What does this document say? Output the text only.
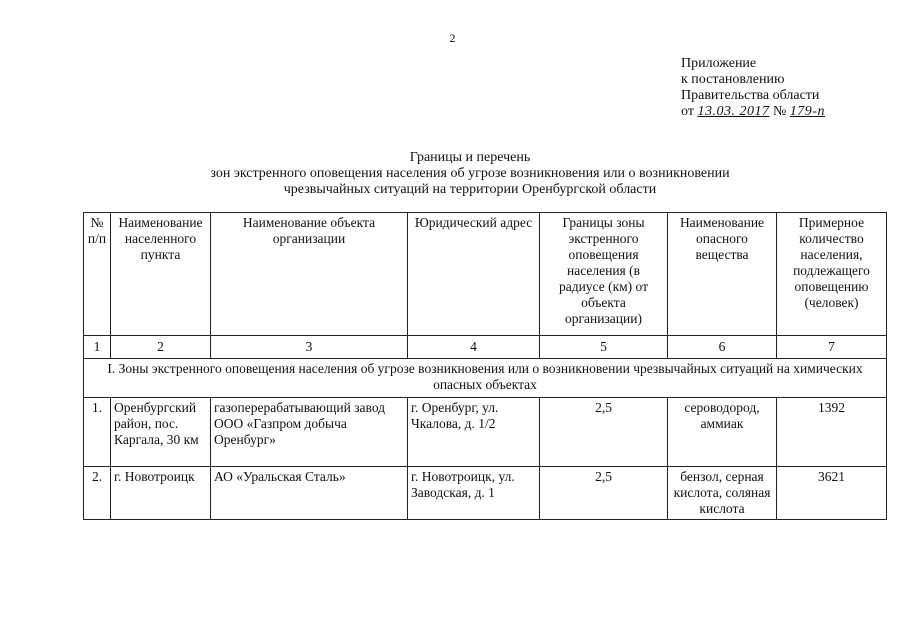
2
Приложение
к постановлению
Правительства области
от 13.03. 2017 № 179-п
Границы и перечень
зон экстренного оповещения населения об угрозе возникновения или о возникновении
чрезвычайных ситуаций на территории Оренбургской области
№ п/п	Наименование населенного пункта	Наименование объекта организации	Юридический адрес	Границы зоны экстренного оповещения населения (в радиусе (км) от объекта организации)	Наименование опасного вещества	Примерное количество населения, подлежащего оповещению (человек)
1	2	3	4	5	6	7
I. Зоны экстренного оповещения населения об угрозе возникновения или о возникновении чрезвычайных ситуаций на химических опасных объектах						
1.	Оренбургский район, пос. Каргала, 30 км	газоперерабатывающий завод ООО «Газпром добыча Оренбург»	г. Оренбург, ул. Чкалова, д. 1/2	2,5	сероводород, аммиак	1392
2.	г. Новотроицк	АО «Уральская Сталь»	г. Новотроицк, ул. Заводская, д. 1	2,5	бензол, серная кислота, соляная кислота	3621
